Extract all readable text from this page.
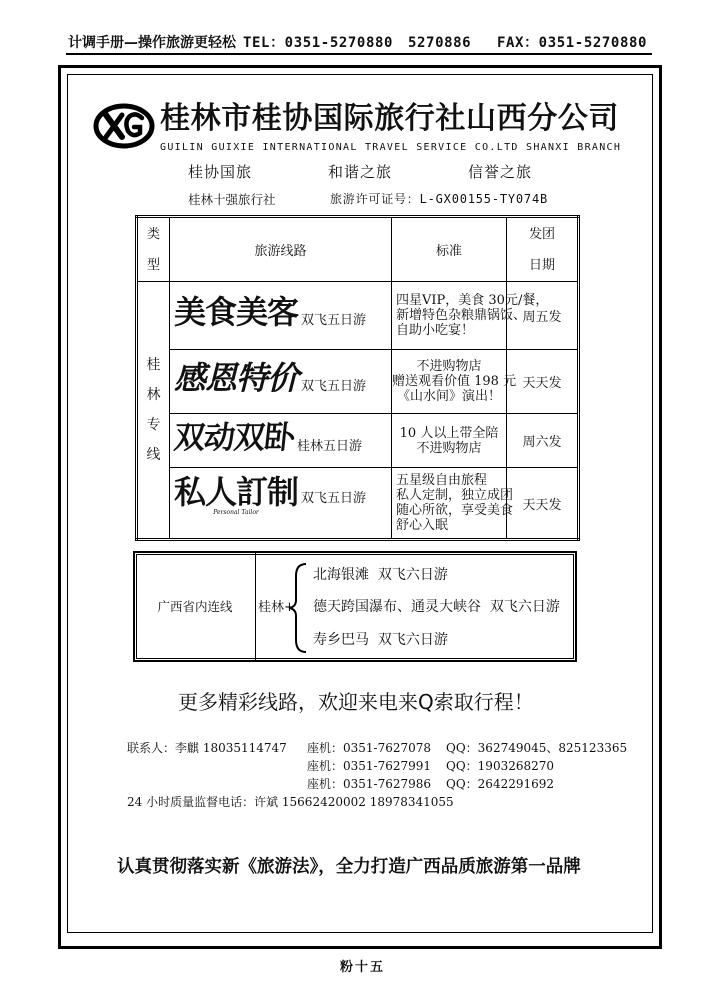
计调手册—操作旅游更轻松 TEL：0351-5270880 5270886 FAX：0351-5270880
桂林市桂协国际旅行社山西分公司
GUILIN GUIXIE INTERNATIONAL TRAVEL SERVICE CO.LTD SHANXI BRANCH
桂协国旅	和谐之旅	信誉之旅
桂林十强旅行社	旅游许可证号：L-GX00155-TY074B
类
型	旅游线路	标准	发团
日期

桂林专线	美食美客 双飞五日游	四星VIP，美食 30元/餐，
新增特色杂粮鼎锅饭、
自助小吃宴！	周五发

	感恩特价 双飞五日游	不进购物店
赠送观看价值 198 元
《山水间》演出！	天天发

	双动双卧 桂林五日游	10 人以上带全陪
不进购物店	周六发

	私人訂制
Personal Tailor
双飞五日游	五星级自由旅程
私人定制，独立成团
随心所欲，享受美食
舒心入眠	天天发
广西省内连线	桂林+
北海银滩  双飞六日游
德天跨国瀑布、通灵大峡谷  双飞六日游
寿乡巴马  双飞六日游
更多精彩线路，欢迎来电来Q索取行程！
联系人：李麒 18035114747 座机：0351-7627078 QQ：362749045、825123365
座机：0351-7627991 QQ：1903268270
座机：0351-7627986 QQ：2642291692
24 小时质量监督电话：许斌 15662420002 18978341055
认真贯彻落实新《旅游法》，全力打造广西品质旅游第一品牌
粉十五
